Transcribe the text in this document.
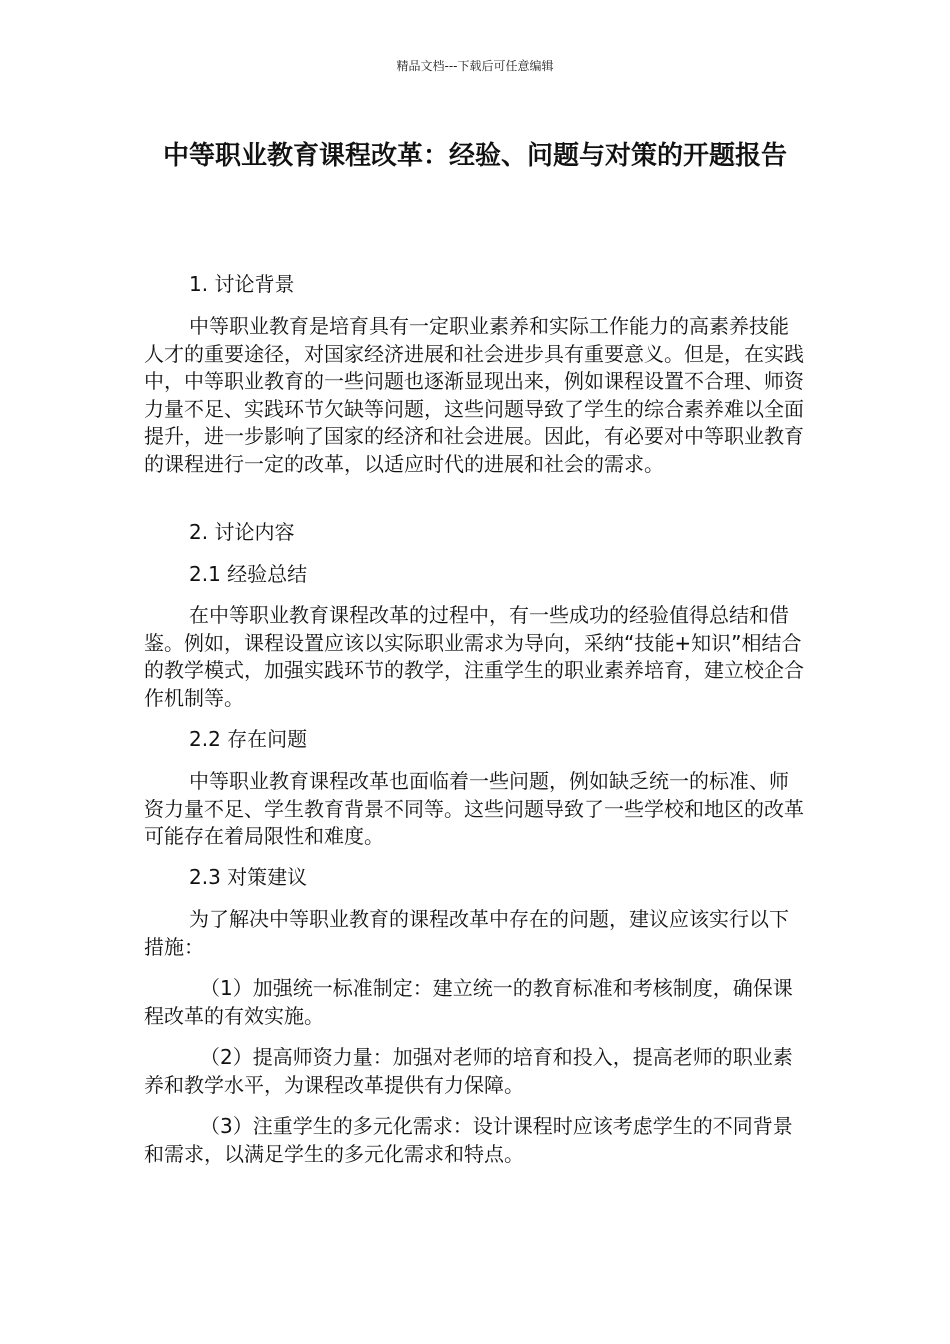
精品文档---下载后可任意编辑
中等职业教育课程改革：经验、问题与对策的开题报告
1. 讨论背景

中等职业教育是培育具有一定职业素养和实际工作能力的高素养技能人才的重要途径，对国家经济进展和社会进步具有重要意义。但是，在实践中，中等职业教育的一些问题也逐渐显现出来，例如课程设置不合理、师资力量不足、实践环节欠缺等问题，这些问题导致了学生的综合素养难以全面提升，进一步影响了国家的经济和社会进展。因此，有必要对中等职业教育的课程进行一定的改革，以适应时代的进展和社会的需求。

2. 讨论内容
2.1 经验总结

在中等职业教育课程改革的过程中，有一些成功的经验值得总结和借鉴。例如，课程设置应该以实际职业需求为导向，采纳“技能+知识”相结合的教学模式，加强实践环节的教学，注重学生的职业素养培育，建立校企合作机制等。

2.2 存在问题

中等职业教育课程改革也面临着一些问题，例如缺乏统一的标准、师资力量不足、学生教育背景不同等。这些问题导致了一些学校和地区的改革可能存在着局限性和难度。

2.3 对策建议

为了解决中等职业教育的课程改革中存在的问题，建议应该实行以下措施：

（1）加强统一标准制定：建立统一的教育标准和考核制度，确保课程改革的有效实施。

（2）提高师资力量：加强对老师的培育和投入，提高老师的职业素养和教学水平，为课程改革提供有力保障。

（3）注重学生的多元化需求：设计课程时应该考虑学生的不同背景和需求，以满足学生的多元化需求和特点。
